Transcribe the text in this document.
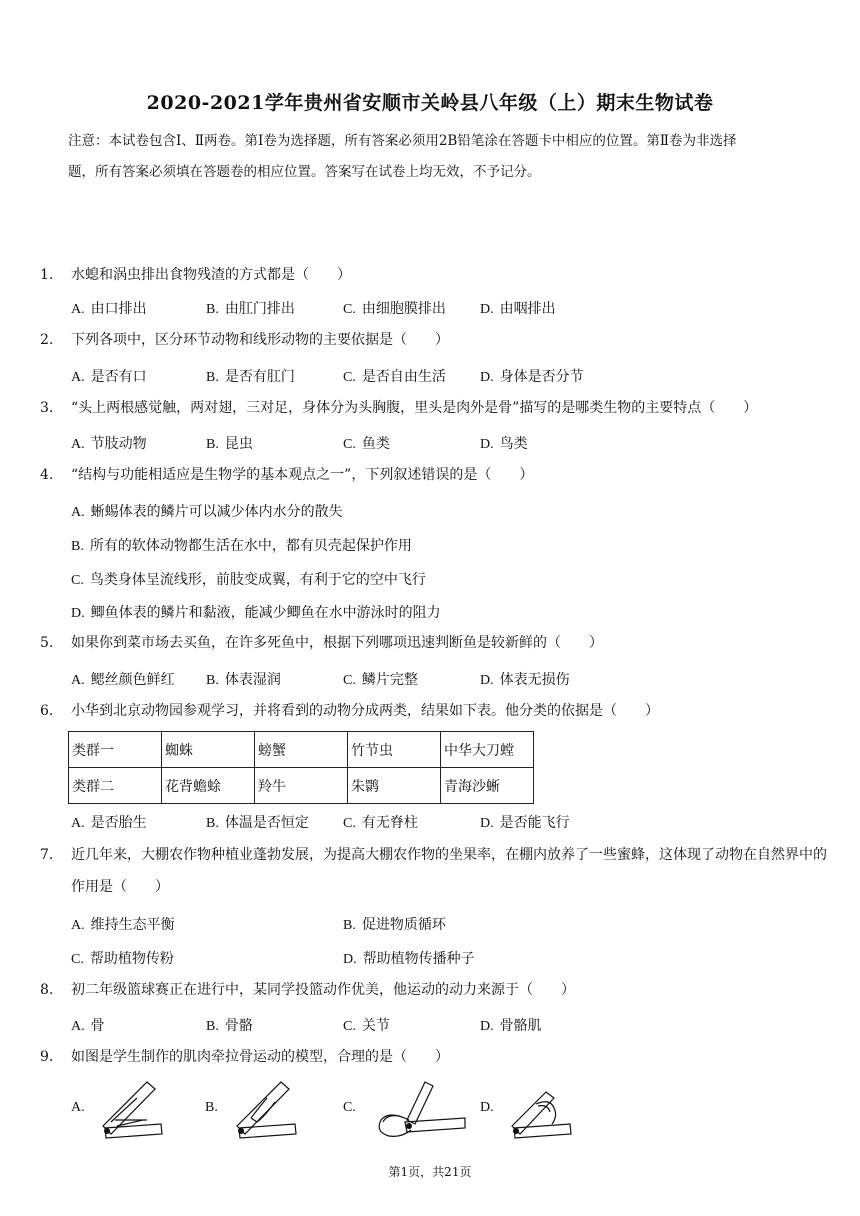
2020-2021学年贵州省安顺市关岭县八年级（上）期末生物试卷
注意：本试卷包含Ⅰ、Ⅱ两卷。第Ⅰ卷为选择题，所有答案必须用2B铅笔涂在答题卡中相应的位置。第Ⅱ卷为非选择
题，所有答案必须填在答题卷的相应位置。答案写在试卷上均无效，不予记分。
1.	水螅和涡虫排出食物残渣的方式都是（　　）
A. 由口排出	B. 由肛门排出	C. 由细胞膜排出 D. 由咽排出
2.	下列各项中，区分环节动物和线形动物的主要依据是（　　）
A. 是否有口	B. 是否有肛门	C. 是否自由生活 D. 身体是否分节
3.	“头上两根感觉触，两对翅，三对足，身体分为头胸腹，里头是肉外是骨”描写的是哪类生物的主要特点（　　）
A. 节肢动物	B. 昆虫	C. 鱼类	D. 鸟类
4.	“结构与功能相适应是生物学的基本观点之一”，下列叙述错误的是（　　）
A. 蜥蜴体表的鳞片可以减少体内水分的散失
B. 所有的软体动物都生活在水中，都有贝壳起保护作用
C. 鸟类身体呈流线形，前肢变成翼，有利于它的空中飞行
D. 鲫鱼体表的鳞片和黏液，能减少鲫鱼在水中游泳时的阻力
5.	如果你到菜市场去买鱼，在许多死鱼中，根据下列哪项迅速判断鱼是较新鲜的（　　）
A. 鳃丝颜色鲜红 B. 体表湿润	C. 鳞片完整	D. 体表无损伤
6.	小华到北京动物园参观学习，并将看到的动物分成两类，结果如下表。他分类的依据是（　　）
类群一	蜘蛛	螃蟹	竹节虫	中华大刀螳
类群二	花背蟾蜍	羚牛	朱鹮	青海沙蜥
A. 是否胎生	B. 体温是否恒定 C. 有无脊柱	D. 是否能飞行
7.	近几年来，大棚农作物种植业蓬勃发展，为提高大棚农作物的坐果率，在棚内放养了一些蜜蜂，这体现了动物在自然界中的作用是（　　）
A. 维持生态平衡	B. 促进物质循环
C. 帮助植物传粉	D. 帮助植物传播种子
8.	初二年级篮球赛正在进行中，某同学投篮动作优美，他运动的动力来源于（　　）
A. 骨	B. 骨骼	C. 关节	D. 骨骼肌
9.	如图是学生制作的肌肉牵拉骨运动的模型，合理的是（　　）
A.	B.	C.	D.
第1页，共21页
